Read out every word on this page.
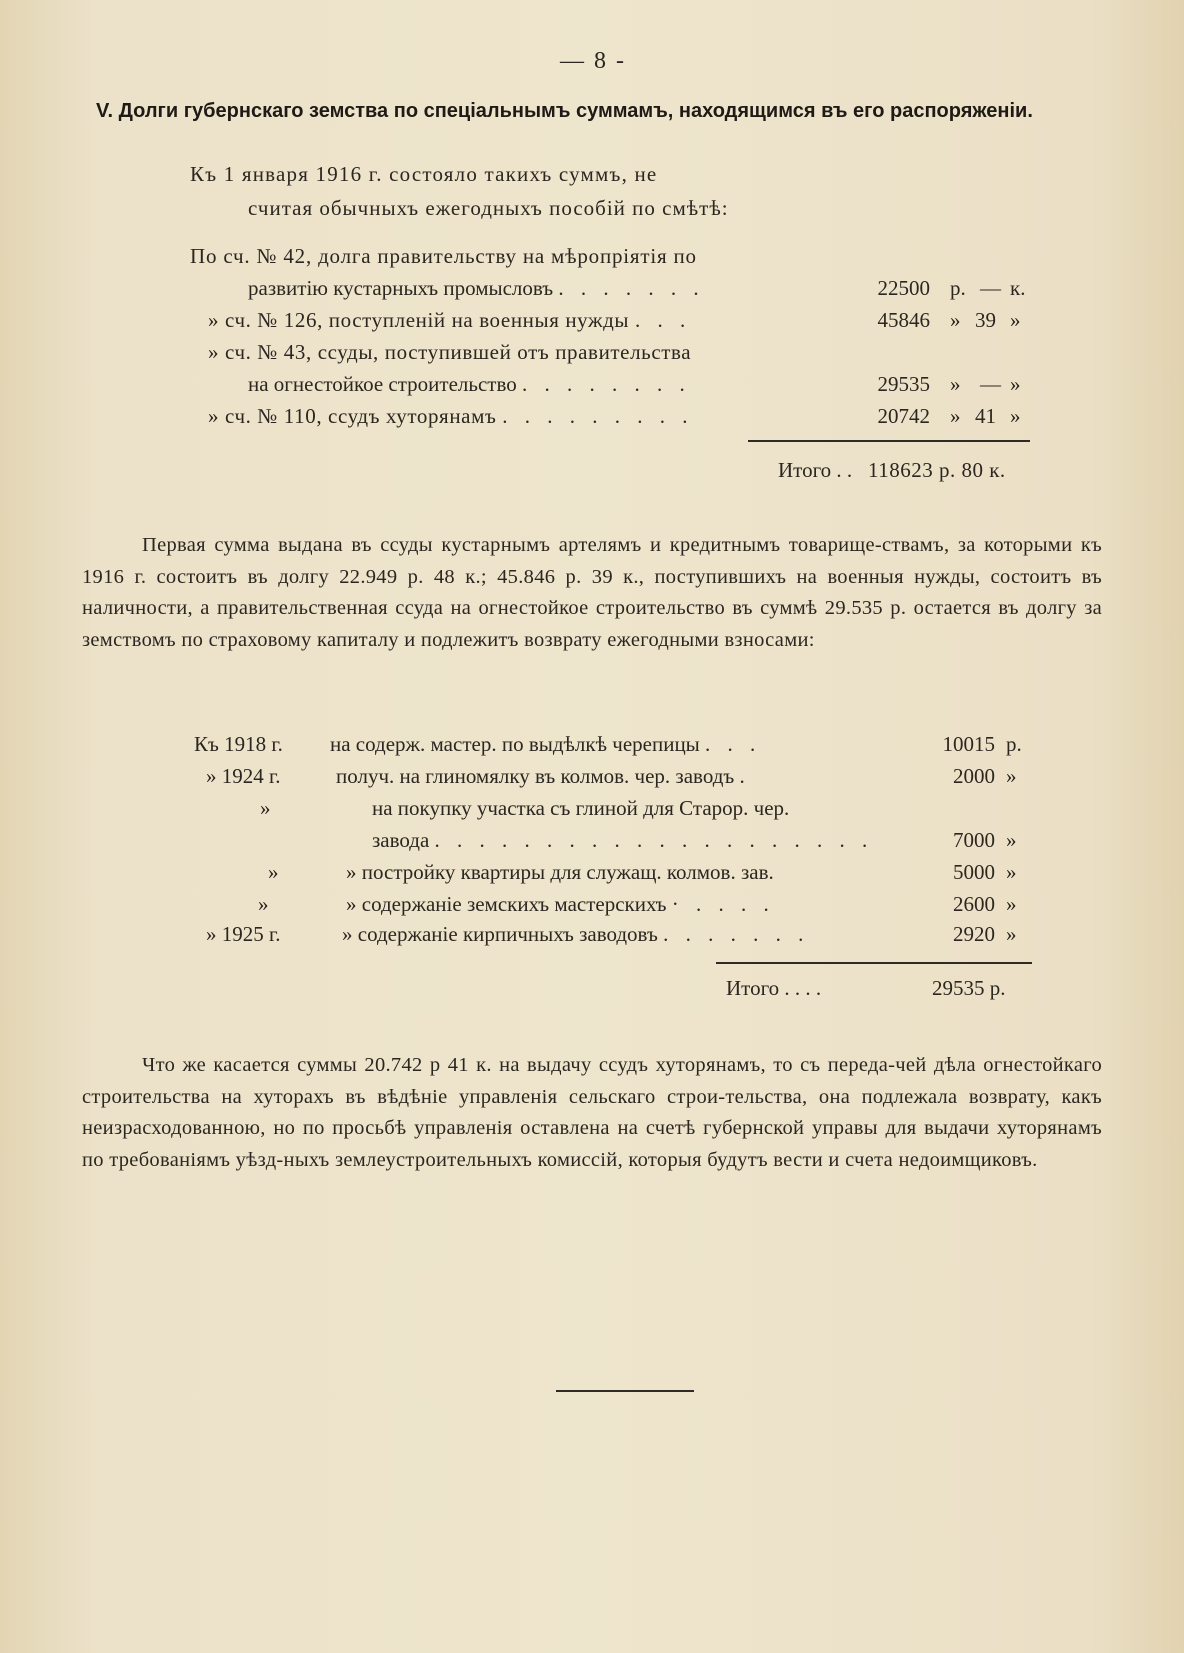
— 8 -
V. Долги губернскаго земства по спеціальнымъ суммамъ, находящимся въ его распоряженіи.
Къ 1 января 1916 г. состояло такихъ суммъ, не
считая обычныхъ ежегодныхъ пособій по смѣтѣ:
По сч. № 42, долга правительству на мѣропріятія по
развитію кустарныхъ промысловъ . . . . . . .	22500 р. — к.
» сч. № 126, поступленій на военныя нужды . . .	45846 » 39 »
» сч. № 43, ссуды, поступившей отъ правительства
на огнестойкое строительство . . . . . . . .	29535 » — »
» сч. № 110, ссудъ хуторянамъ . . . . . . . . .	20742 » 41 »
Итого . . 118623 р. 80 к.
Первая сумма выдана въ ссуды кустарнымъ артелямъ и кредитнымъ товарище-ствамъ, за которыми къ 1916 г. состоитъ въ долгу 22.949 р. 48 к.; 45.846 р. 39 к., поступившихъ на военныя нужды, состоитъ въ наличности, а правительственная ссуда на огнестойкое строительство въ суммѣ 29.535 р. остается въ долгу за земствомъ по страховому капиталу и подлежитъ возврату ежегодными взносами:
Къ 1918 г. на содерж. мастер. по выдѣлкѣ черепицы . . .	10015 р.
» 1924 г.	получ. на глиномялку въ колмов. чер. заводъ .	2000 »
»	на покупку участка съ глиной для Старор. чер.
завода . . . . . . . . . . . . . . . . . . . .	7000 »
»	» постройку квартиры для служащ. колмов. зав.	5000 »
»	» содержаніе земскихъ мастерскихъ · . . . .	2600 »
» 1925 г.	» содержаніе кирпичныхъ заводовъ . . . . . . .	2920 »
Итого . . . .	29535 р.
Что же касается суммы 20.742 р 41 к. на выдачу ссудъ хуторянамъ, то съ переда-чей дѣла огнестойкаго строительства на хуторахъ въ вѣдѣніе управленія сельскаго строи-тельства, она подлежала возврату, какъ неизрасходованною, но по просьбѣ управленія оставлена на счетѣ губернской управы для выдачи хуторянамъ по требованіямъ уѣзд-ныхъ землеустроительныхъ комиссій, которыя будутъ вести и счета недоимщиковъ.
